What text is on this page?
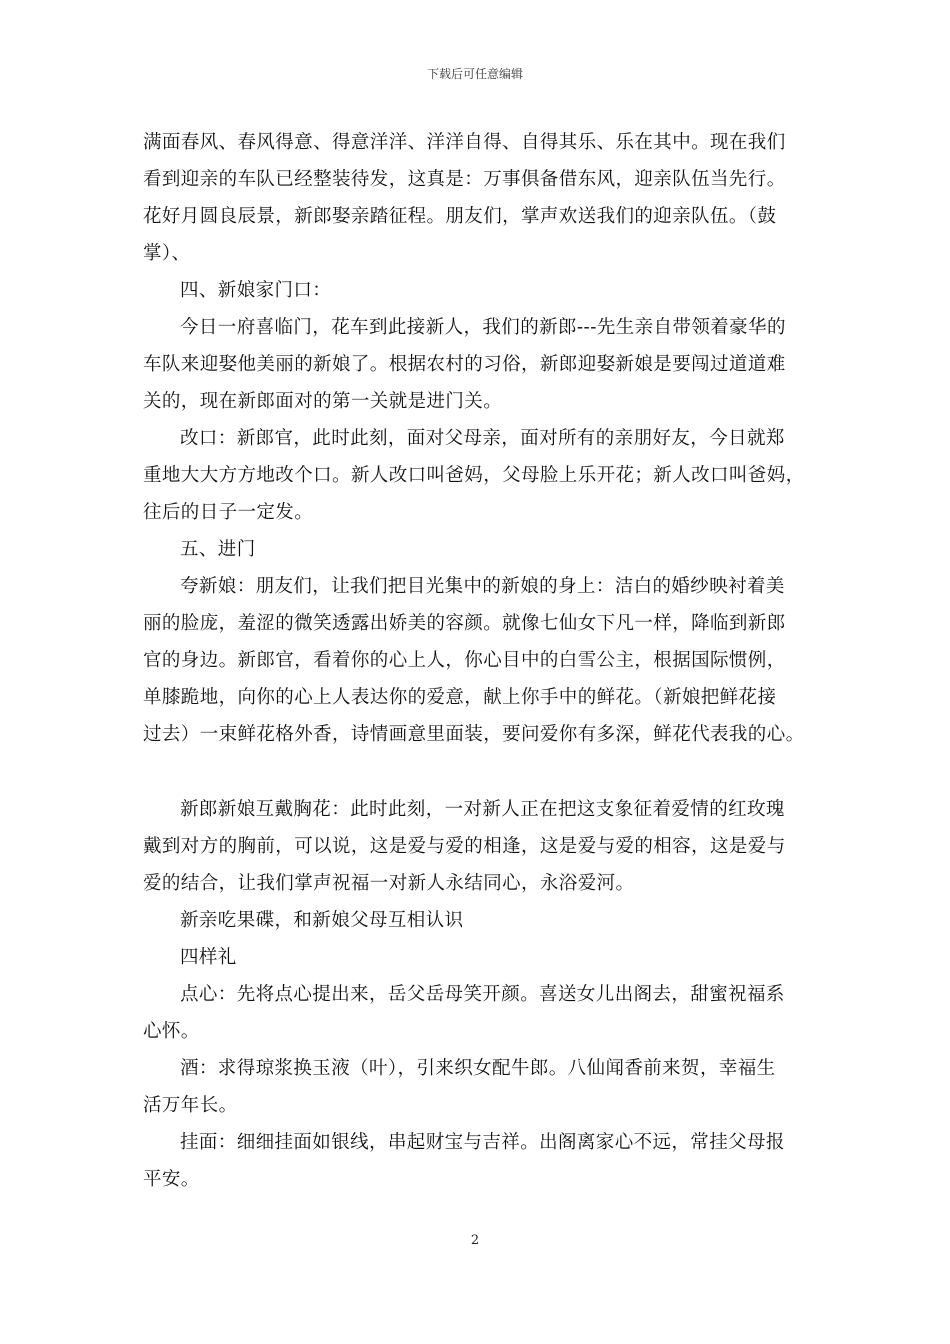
下载后可任意编辑

满面春风、春风得意、得意洋洋、洋洋自得、自得其乐、乐在其中。现在我们
看到迎亲的车队已经整装待发，这真是：万事俱备借东风，迎亲队伍当先行。
花好月圆良辰景，新郎娶亲踏征程。朋友们，掌声欢送我们的迎亲队伍。（鼓
掌）、

四、新娘家门口：

今日一府喜临门，花车到此接新人，我们的新郎---先生亲自带领着豪华的
车队来迎娶他美丽的新娘了。根据农村的习俗，新郎迎娶新娘是要闯过道道难
关的，现在新郎面对的第一关就是进门关。

改口：新郎官，此时此刻，面对父母亲，面对所有的亲朋好友，今日就郑
重地大大方方地改个口。新人改口叫爸妈，父母脸上乐开花；新人改口叫爸妈，
往后的日子一定发。

五、进门

夸新娘：朋友们，让我们把目光集中的新娘的身上：洁白的婚纱映衬着美
丽的脸庞，羞涩的微笑透露出娇美的容颜。就像七仙女下凡一样，降临到新郎
官的身边。新郎官，看着你的心上人，你心目中的白雪公主，根据国际惯例，
单膝跪地，向你的心上人表达你的爱意，献上你手中的鲜花。（新娘把鲜花接
过去）一束鲜花格外香，诗情画意里面装，要问爱你有多深，鲜花代表我的心。

新郎新娘互戴胸花：此时此刻，一对新人正在把这支象征着爱情的红玫瑰
戴到对方的胸前，可以说，这是爱与爱的相逢，这是爱与爱的相容，这是爱与
爱的结合，让我们掌声祝福一对新人永结同心，永浴爱河。

新亲吃果碟，和新娘父母互相认识

四样礼

点心：先将点心提出来，岳父岳母笑开颜。喜送女儿出阁去，甜蜜祝福系
心怀。

酒：求得琼浆换玉液（叶），引来织女配牛郎。八仙闻香前来贺，幸福生
活万年长。

挂面：细细挂面如银线，串起财宝与吉祥。出阁离家心不远，常挂父母报
平安。

2
